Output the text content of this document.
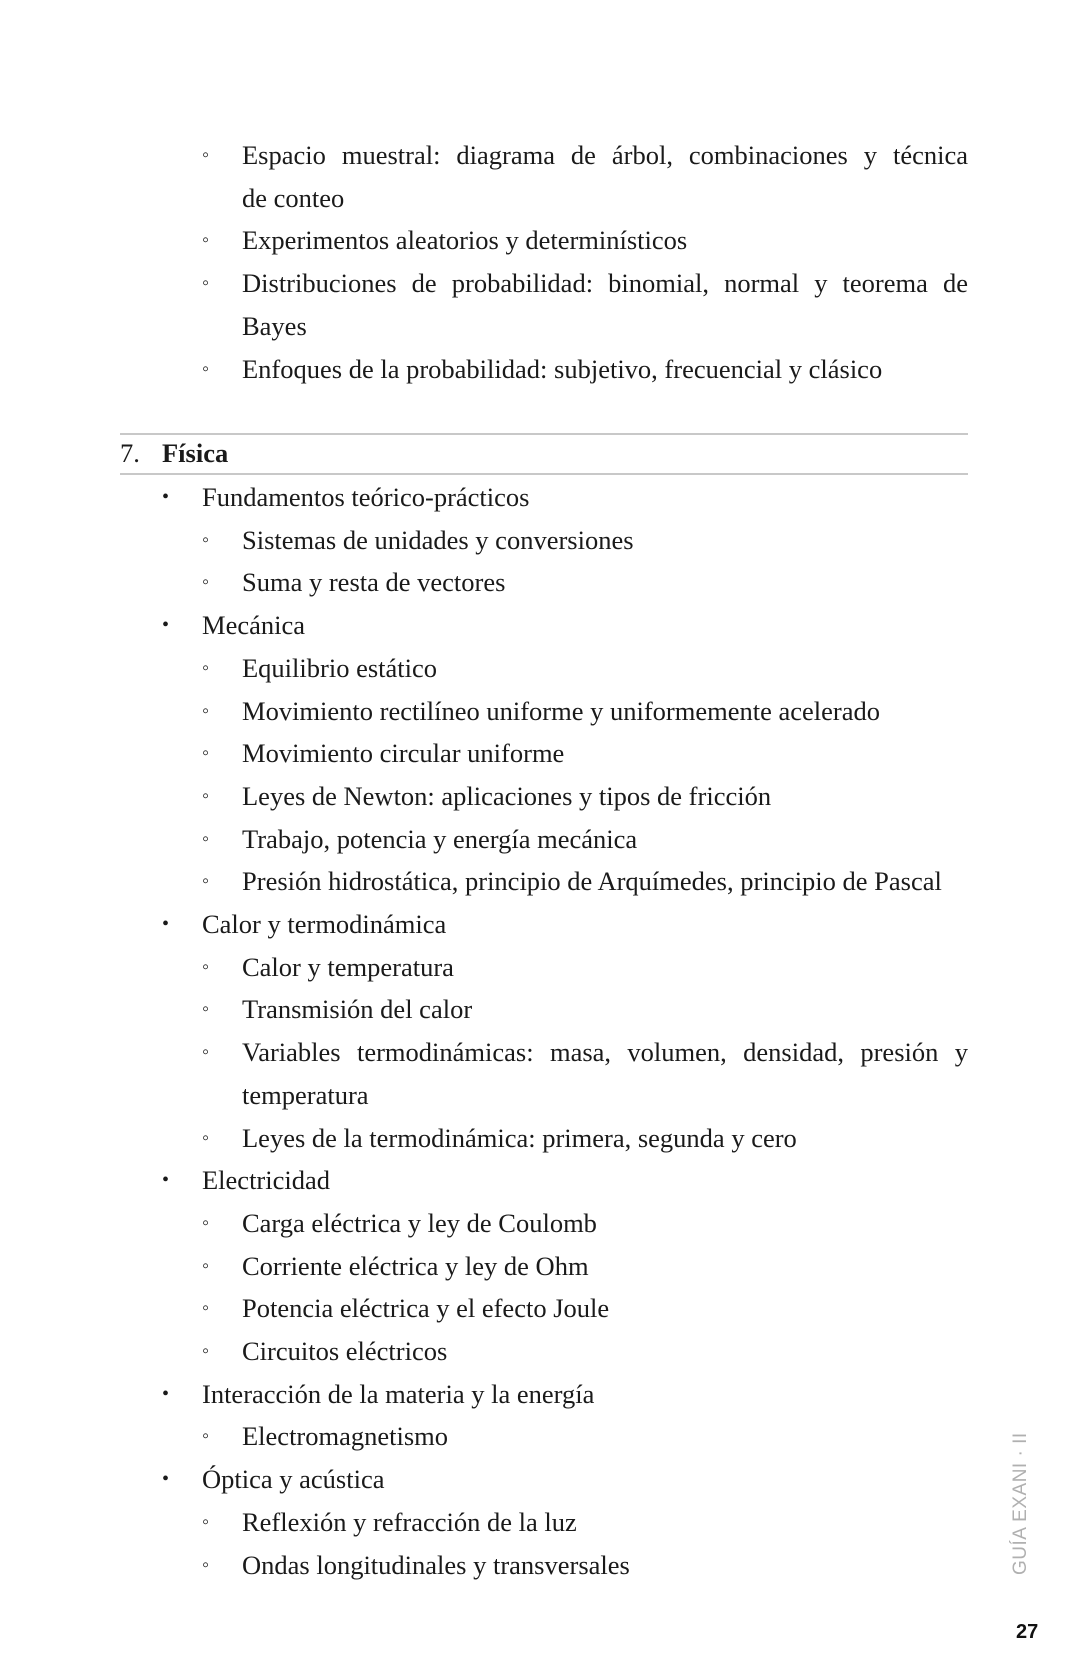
◦ Espacio muestral: diagrama de árbol, combinaciones y técnica
de conteo
◦ Experimentos aleatorios y determinísticos
◦ Distribuciones de probabilidad: binomial, normal y teorema de
Bayes
◦ Enfoques de la probabilidad: subjetivo, frecuencial y clásico
7. Física
• Fundamentos teórico-prácticos
◦ Sistemas de unidades y conversiones
◦ Suma y resta de vectores
• Mecánica
◦ Equilibrio estático
◦ Movimiento rectilíneo uniforme y uniformemente acelerado
◦ Movimiento circular uniforme
◦ Leyes de Newton: aplicaciones y tipos de fricción
◦ Trabajo, potencia y energía mecánica
◦ Presión hidrostática, principio de Arquímedes, principio de Pascal
• Calor y termodinámica
◦ Calor y temperatura
◦ Transmisión del calor
◦ Variables termodinámicas: masa, volumen, densidad, presión y
temperatura
◦ Leyes de la termodinámica: primera, segunda y cero
• Electricidad
◦ Carga eléctrica y ley de Coulomb
◦ Corriente eléctrica y ley de Ohm
◦ Potencia eléctrica y el efecto Joule
◦ Circuitos eléctricos
• Interacción de la materia y la energía
◦ Electromagnetismo
• Óptica y acústica
◦ Reflexión y refracción de la luz
◦ Ondas longitudinales y transversales	GUÍA EXANI · II
27
